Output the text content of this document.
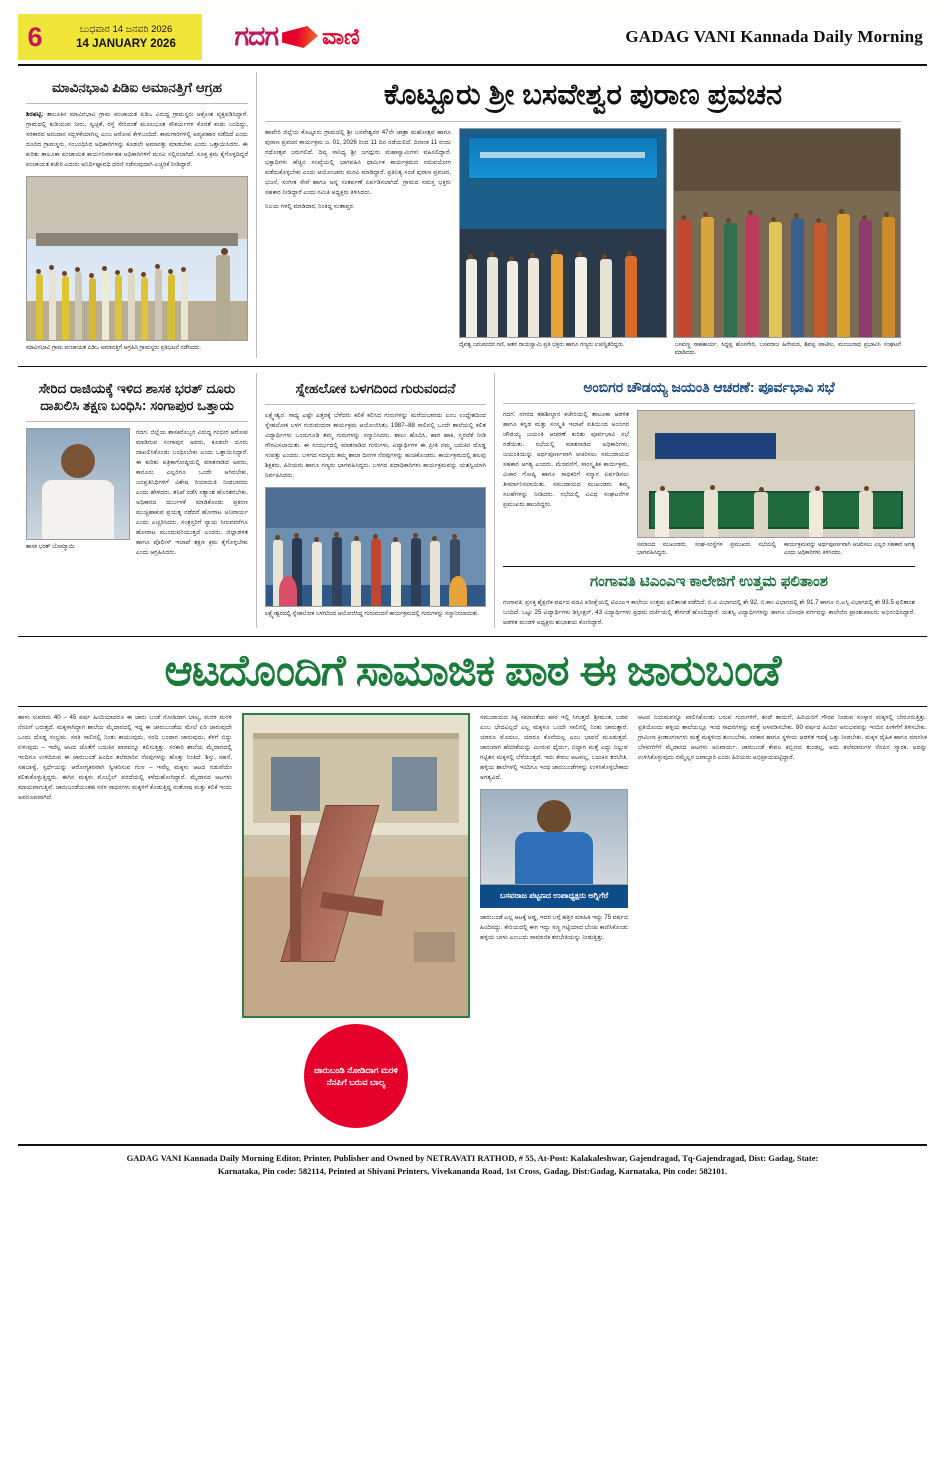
6	ಬುಧವಾರ 14 ಜನವರಿ 2026
14 JANUARY 2026 ಗದಗ ವಾಣಿ	GADAG VANI Kannada Daily Morning
ಮಾವಿನಭಾವಿ ಪಿಡಿಐ ಅಮಾನತ್ತಿಗೆ ಆಗ್ರಹ
ಶಿರಹಟ್ಟಿ: ತಾಲೂಕಿನ ಮಾವಿನಭಾವಿ ಗ್ರಾಮ ಪಂಚಾಯತ ಪಿಡಿಒ ವಿರುದ್ಧ ಗ್ರಾಮಸ್ಥರು ಆಕ್ರೋಶ ವ್ಯಕ್ತಪಡಿಸಿದ್ದಾರೆ. ಗ್ರಾಮದಲ್ಲಿ ಕುಡಿಯುವ ನೀರು, ಸ್ವಚ್ಛತೆ, ರಸ್ತೆ ಸೇರಿದಂತೆ ಮೂಲಭೂತ ಸೌಕರ್ಯಗಳ ಕೊರತೆ ಕಂಡು ಬಂದಿದ್ದು, ಸರಕಾರದ ಅನುದಾನ ಸದ್ಬಳಕೆಯಾಗಿಲ್ಲ ಎಂಬ ಆರೋಪ ಕೇಳಿಬಂದಿದೆ. ಕಾಮಗಾರಿಗಳಲ್ಲಿ ಅವ್ಯವಹಾರ ನಡೆದಿದೆ ಎಂದು ದೂರಿದ ಗ್ರಾಮಸ್ಥರು, ಸಂಬಂಧಿಸಿದ ಅಧಿಕಾರಿಗಳನ್ನು ಕೂಡಲೇ ಅಮಾನತ್ತು ಮಾಡಬೇಕು ಎಂದು ಒತ್ತಾಯಿಸಿದರು. ಈ ಕುರಿತು ತಾಲೂಕಾ ಪಂಚಾಯತ ಕಾರ್ಯನಿರ್ವಾಹಕ ಅಧಿಕಾರಿಗಳಿಗೆ ಮನವಿ ಸಲ್ಲಿಸಲಾಗಿದೆ. ಸೂಕ್ತ ಕ್ರಮ ಕೈಗೊಳ್ಳದಿದ್ದರೆ ಪಂಚಾಯತ ಕಚೇರಿ ಎದುರು ಅನಿರ್ದಿಷ್ಟಾವಧಿ ಧರಣಿ ನಡೆಸುವುದಾಗಿ ಎಚ್ಚರಿಕೆ ನೀಡಿದ್ದಾರೆ.
ಮಾವಿನಭಾವಿ ಗ್ರಾಮ ಪಂಚಾಯತ ಪಿಡಿಒ ಅಮಾನತ್ತಿಗೆ ಆಗ್ರಹಿಸಿ ಗ್ರಾಮಸ್ಥರು ಪ್ರತಿಭಟನೆ ನಡೆಸಿದರು.
ಕೊಟ್ಟೂರು ಶ್ರೀ ಬಸವೇಶ್ವರ ಪುರಾಣ ಪ್ರವಚನ
ಹಾವೇರಿ ಜಿಲ್ಲೆಯ ಕೊಟ್ಟೂರು ಗ್ರಾಮದಲ್ಲಿ ಶ್ರೀ ಬಸವೇಶ್ವರರ 47ನೇ ಜಾತ್ರಾ ಮಹೋತ್ಸವ ಹಾಗೂ ಪುರಾಣ ಪ್ರವಚನ ಕಾರ್ಯಕ್ರಮ ಜ. 01, 2026 ರಿಂದ 11 ದಿನ ನಡೆಯಲಿದೆ. ದಿನಾಂಕ 11 ರಂದು ರಥೋತ್ಸವ ಜರುಗಲಿದೆ. ದಿವ್ಯ ಸಾನಿಧ್ಯ ಶ್ರೀ ಜಗದ್ಗುರು ಮಹಾಸ್ವಾಮಿಗಳು ವಹಿಸಲಿದ್ದಾರೆ. ಭಕ್ತಾದಿಗಳು ಹೆಚ್ಚಿನ ಸಂಖ್ಯೆಯಲ್ಲಿ ಭಾಗವಹಿಸಿ ಧಾರ್ಮಿಕ ಕಾರ್ಯಕ್ರಮದ ಸದುಪಯೋಗ ಪಡೆದುಕೊಳ್ಳಬೇಕು ಎಂದು ಆಯೋಜಕರು ಮನವಿ ಮಾಡಿದ್ದಾರೆ. ಪ್ರತಿನಿತ್ಯ ಸಂಜೆ ಪುರಾಣ ಪ್ರವಚನ, ಭಜನೆ, ಸಂಗೀತ ಸೇವೆ ಹಾಗೂ ಅನ್ನ ಸಂತರ್ಪಣೆ ಏರ್ಪಡಿಸಲಾಗಿದೆ. ಗ್ರಾಮದ ಸಮಸ್ತ ಭಕ್ತರು ಸಹಕಾರ ನೀಡಿದ್ದಾರೆ ಎಂದು ಸಮಿತಿ ಅಧ್ಯಕ್ಷರು ತಿಳಿಸಿದರು.
ನಿಲಯ ಗಳಲ್ಲಿ ಮಾಡಿದಾರ, ನಿಂತಿದ್ದ ಸಂತಾಪ್ತರ.
ದೈವತ್ವ ಜರುವಂದರ ಗಣಿ, ಆತನ ರಾಯಸ್ವಾಮಿ ಪ್ರತಿ ಭಕ್ತರು ಹಾಗೂ ಗಣ್ಯರು ಉಪಸ್ಥಿತರಿದ್ದರು.	ಬಸವಣ್ಣ ಸಾಹಕಾರ್ಯ, ಸಿದ್ದಪ್ಪ ಹೊಸಗೇರಿ, ಬಸವರಾಜ ಹಿರೇಮಠ, ಶಿವಪ್ಪ ಪಾಟೀಲ, ಮಂಜುನಾಥ ಪ್ರಭಾವಿಸಿ ಸಂಘಟನೆ ಮಾಡಿದರು.
ಸೇರಿದ ರಾಜಿಯಕ್ಕೆ ಇಳಿದ ಶಾಸಕ ಭರತ್ ದೂರು ದಾಖಲಿಸಿ ತಕ್ಷಣ ಬಂಧಿಸಿ: ಸಂಗಾಪುರ ಒತ್ತಾಯ
ಶಾಸಕ ಭರತ್ ಬೊಮ್ಮಾಯಿ
ಗದಗ: ಜಿಲ್ಲೆಯ ಶಾಸಕರೊಬ್ಬರ ವಿರುದ್ಧ ಗಂಭೀರ ಆರೋಪ ಮಾಡಿರುವ ಸಂಗಾಪುರ ಅವರು, ಕೂಡಲೇ ದೂರು ದಾಖಲಿಸಿಕೊಂಡು ಬಂಧಿಸಬೇಕು ಎಂದು ಒತ್ತಾಯಿಸಿದ್ದಾರೆ. ಈ ಕುರಿತು ಪತ್ರಿಕಾಗೋಷ್ಠಿಯಲ್ಲಿ ಮಾತನಾಡಿದ ಅವರು, ಕಾನೂನು ಎಲ್ಲರಿಗೂ ಒಂದೇ ಆಗಿರಬೇಕು, ಜನಪ್ರತಿನಿಧಿಗಳಿಗೆ ವಿಶೇಷ ರಿಯಾಯಿತಿ ನೀಡಬಾರದು ಎಂದು ಹೇಳಿದರು. ತನಿಖೆ ನಡೆಸಿ ಸತ್ಯಾಂಶ ಹೊರತರಬೇಕು, ಅಧಿಕಾರದ ದುರ್ಬಳಕೆ ಮಾಡಿಕೊಂಡು ಪ್ರಕರಣ ಮುಚ್ಚಿಹಾಕುವ ಪ್ರಯತ್ನ ನಡೆದರೆ ಹೋರಾಟ ಅನಿವಾರ್ಯ ಎಂದು ಎಚ್ಚರಿಸಿದರು. ಸಂತ್ರಸ್ತರಿಗೆ ನ್ಯಾಯ ಸಿಗುವವರೆಗೂ ಹೋರಾಟ ಮುಂದುವರಿಯುತ್ತದೆ ಎಂದರು. ಜಿಲ್ಲಾಡಳಿತ ಹಾಗೂ ಪೊಲೀಸ್ ಇಲಾಖೆ ತಕ್ಷಣ ಕ್ರಮ ಕೈಗೊಳ್ಳಬೇಕು ಎಂದು ಆಗ್ರಹಿಸಿದರು.
ಸ್ನೇಹಲೋಕ ಬಳಗದಿಂದ ಗುರುವಂದನೆ
ಲಕ್ಷ್ಮೇಶ್ವರ: ಸಾಧ್ಯ ಎಷ್ಟೇ ಎತ್ತರಕ್ಕೆ ಬೆಳೆದರು ಕಲಿಕೆ ಕಲಿಸಿದ ಗುರುಗಳನ್ನು ಮರೆಯಬಾರದು ಎಂಬ ಉದ್ದೇಶದಿಂದ ಸ್ನೇಹಲೋಕ ಬಳಗ ಗುರುವಂದನಾ ಕಾರ್ಯಕ್ರಮ ಆಯೋಜಿಸಿತು. 1987–88 ಸಾಲಿನಲ್ಲಿ ಒಂದೇ ಶಾಲೆಯಲ್ಲಿ ಕಲಿತ ವಿದ್ಯಾರ್ಥಿಗಳು ಒಂದುಗೂಡಿ ತಮ್ಮ ಗುರುಗಳನ್ನು ಸನ್ಮಾನಿಸಿದರು. ಶಾಲು ಹೊದಿಸಿ, ಹಾರ ಹಾಕಿ, ಸ್ಮರಣಿಕೆ ನೀಡಿ ಗೌರವಿಸಲಾಯಿತು. ಈ ಸಂದರ್ಭದಲ್ಲಿ ಮಾತನಾಡಿದ ಗುರುಗಳು, ವಿದ್ಯಾರ್ಥಿಗಳ ಈ ಪ್ರೀತಿ ನಮ್ಮ ಬದುಕಿನ ದೊಡ್ಡ ಸಂಪತ್ತು ಎಂದರು. ಬಳಗದ ಸದಸ್ಯರು ತಮ್ಮ ಶಾಲಾ ದಿನಗಳ ನೆನಪುಗಳನ್ನು ಹಂಚಿಕೊಂಡರು. ಕಾರ್ಯಕ್ರಮದಲ್ಲಿ ಹಲವು ಶಿಕ್ಷಕರು, ಹಿರಿಯರು ಹಾಗೂ ಗಣ್ಯರು ಭಾಗವಹಿಸಿದ್ದರು. ಬಳಗದ ಪದಾಧಿಕಾರಿಗಳು ಕಾರ್ಯಕ್ರಮವನ್ನು ಯಶಸ್ವಿಯಾಗಿ ನಿರ್ವಹಿಸಿದರು.
ಲಕ್ಷ್ಮೇಶ್ವರದಲ್ಲಿ ಸ್ನೇಹಲೋಕ ಬಳಗದಿಂದ ಆಯೋಜಿಸಿದ್ದ ಗುರುವಂದನೆ ಕಾರ್ಯಕ್ರಮದಲ್ಲಿ ಗುರುಗಳನ್ನು ಸನ್ಮಾನಿಸಲಾಯಿತು.
ಅಂಬಿಗರ ಚೌಡಯ್ಯ ಜಯಂತಿ ಆಚರಣೆ: ಪೂರ್ವಭಾವಿ ಸಭೆ
ಗದಗ: ನಗರದ ತಹಶೀಲ್ದಾರ ಕಚೇರಿಯಲ್ಲಿ ತಾಲೂಕಾ ಆಡಳಿತ ಹಾಗೂ ಕನ್ನಡ ಮತ್ತು ಸಂಸ್ಕೃತಿ ಇಲಾಖೆ ವತಿಯಿಂದ ಅಂಬಿಗರ ಚೌಡಯ್ಯ ಜಯಂತಿ ಆಚರಣೆ ಕುರಿತು ಪೂರ್ವಭಾವಿ ಸಭೆ ನಡೆಯಿತು. ಸಭೆಯಲ್ಲಿ ಮಾತನಾಡಿದ ಅಧಿಕಾರಿಗಳು, ಜಯಂತಿಯನ್ನು ಅರ್ಥಪೂರ್ಣವಾಗಿ ಆಚರಿಸಲು ಸಮುದಾಯದ ಸಹಕಾರ ಅಗತ್ಯ ಎಂದರು. ಮೆರವಣಿಗೆ, ಸಾಂಸ್ಕೃತಿಕ ಕಾರ್ಯಕ್ರಮ, ವಿಚಾರ ಗೋಷ್ಠಿ ಹಾಗೂ ಸಾಧಕರಿಗೆ ಸನ್ಮಾನ ಏರ್ಪಡಿಸಲು ತೀರ್ಮಾನಿಸಲಾಯಿತು. ಸಮುದಾಯದ ಮುಖಂಡರು ತಮ್ಮ ಸಲಹೆಗಳನ್ನು ನೀಡಿದರು. ಸಭೆಯಲ್ಲಿ ವಿವಿಧ ಸಂಘಟನೆಗಳ ಪ್ರಮುಖರು ಹಾಜರಿದ್ದರು.
ಸಮಾಜದ ಮುಖಂಡರು, ಸಂಘ-ಸಂಸ್ಥೆಗಳ ಪ್ರಮುಖರು ಸಭೆಯಲ್ಲಿ ಭಾಗವಹಿಸಿದ್ದರು.
ಕಾರ್ಯಕ್ರಮವನ್ನು ಅರ್ಥಪೂರ್ಣವಾಗಿ ಆಚರಿಸಲು ಎಲ್ಲರ ಸಹಕಾರ ಅಗತ್ಯ ಎಂದು ಅಧಿಕಾರಿಗಳು ತಿಳಿಸಿದರು.
ಗಂಗಾವತಿ ಟಿಎಂಎಇ ಕಾಲೇಜಿಗೆ ಉತ್ತಮ ಫಲಿತಾಂಶ
ಗಂಗಾವತಿ: ಪ್ರಸಕ್ತ ಶೈಕ್ಷಣಿಕ ವರ್ಷದ ಪದವಿ ಪರೀಕ್ಷೆಯಲ್ಲಿ ಟಿಎಂಎಇ ಕಾಲೇಜು ಉತ್ತಮ ಫಲಿತಾಂಶ ಪಡೆದಿದೆ. ಬಿ.ಎ ವಿಭಾಗದಲ್ಲಿ ಶೇ 92, ಬಿ.ಕಾಂ ವಿಭಾಗದಲ್ಲಿ ಶೇ 91.7 ಹಾಗೂ ಬಿ.ಎಸ್ಸಿ ವಿಭಾಗದಲ್ಲಿ ಶೇ 93.5 ಫಲಿತಾಂಶ ಬಂದಿದೆ. ಒಟ್ಟು 25 ವಿದ್ಯಾರ್ಥಿಗಳು ಡಿಸ್ಟಿಂಕ್ಷನ್, 43 ವಿದ್ಯಾರ್ಥಿಗಳು ಪ್ರಥಮ ದರ್ಜೆಯಲ್ಲಿ ತೇರ್ಗಡೆ ಹೊಂದಿದ್ದಾರೆ. ಯಶಸ್ವಿ ವಿದ್ಯಾರ್ಥಿಗಳನ್ನು ಹಾಗೂ ಬೋಧಕ ವರ್ಗವನ್ನು ಕಾಲೇಜಿನ ಪ್ರಾಂಶುಪಾಲರು ಅಭಿನಂದಿಸಿದ್ದಾರೆ. ಆಡಳಿತ ಮಂಡಳಿ ಅಧ್ಯಕ್ಷರು ಶುಭಾಶಯ ಕೋರಿದ್ದಾರೆ.
ಆಟದೊಂದಿಗೆ ಸಾಮಾಜಿಕ ಪಾಠ ಈ ಜಾರುಬಂಡೆ
ಹಾಳು ಸುಮಾರು 40 – 45 ವರ್ಷ ಹಿಂದಿಯಾದರೂ ಈ ಜಾರು ಬಂಡೆ ನೋಡಿದಾಗ ಬಾಲ್ಯ, ಮರಳಿ ಮರಳಿ ನೆನಪಿಗೆ ಬರುತ್ತದೆ. ಮಕ್ಕಳಾಗಿದ್ದಾಗ ಶಾಲೆಯ ಮೈದಾನದಲ್ಲಿ ಇದ್ದ ಈ ಜಾರುಬಂಡೆಯ ಮೇಲೆ ಏರಿ ಜಾರುವುದೇ ಒಂದು ದೊಡ್ಡ ಸಂಭ್ರಮ. ಸರತಿ ಸಾಲಿನಲ್ಲಿ ನಿಂತು ಕಾಯುವುದು, ಸರದಿ ಬಂದಾಗ ಜಾರುವುದು, ಕೆಳಗೆ ಬಿದ್ದು ಏಳುವುದು – ಇದೆಲ್ಲ ಆಟದ ಜೊತೆಗೆ ಬದುಕಿನ ಪಾಠವನ್ನೂ ಕಲಿಸುತ್ತಿತ್ತು. ಸರಕಾರಿ ಶಾಲೆಯ ಮೈದಾನದಲ್ಲಿ ಇಂದಿಗೂ ಉಳಿದಿರುವ ಈ ಜಾರುಬಂಡೆ ಹಿಂದಿನ ತಲೆಮಾರಿನ ನೆನಪುಗಳನ್ನು ಹೊತ್ತು ನಿಂತಿದೆ. ಶಿಸ್ತು, ಸಹನೆ, ಸಹಬಾಳ್ವೆ, ಸ್ಪರ್ಧೆಯನ್ನು ಆರೋಗ್ಯಕರವಾಗಿ ಸ್ವೀಕರಿಸುವ ಗುಣ – ಇವೆಲ್ಲ ಮಕ್ಕಳು ಆಟದ ನಡುವೆಯೇ ಕಲಿತುಕೊಳ್ಳುತ್ತಿದ್ದರು. ಈಗಿನ ಮಕ್ಕಳು ಮೊಬೈಲ್ ಪರದೆಯಲ್ಲಿ ಕಳೆದುಹೋಗಿದ್ದಾರೆ. ಮೈದಾನದ ಆಟಗಳು ಮಾಯವಾಗುತ್ತಿವೆ. ಜಾರುಬಂಡೆಯಂತಹ ಸರಳ ಸಾಧನಗಳು ಮಕ್ಕಳಿಗೆ ಕೊಡುತ್ತಿದ್ದ ಸಂತೋಷ ಮತ್ತು ಕಲಿಕೆ ಇಂದು ಅಪರೂಪವಾಗಿದೆ.
ಜಾರುಬಂಡಿ ನೋಡಿದಾಗ ಮರಳಿ ನೆನಪಿಗೆ ಬರುವ ಬಾಲ್ಯ
ಸಮುದಾಯದ ಸಿಕ್ಕ ಸಮಾನತೆಯ ಪಾಠ ಇಲ್ಲಿ ಸಿಗುತ್ತದೆ. ಶ್ರೀಮಂತ, ಬಡವ ಎಂಬ ಭೇದವಿಲ್ಲದೆ ಎಲ್ಲ ಮಕ್ಕಳೂ ಒಂದೇ ಸಾಲಿನಲ್ಲಿ ನಿಂತು ಜಾರುತ್ತಾರೆ. ಯಾರೂ ಮೊದಲು, ಯಾರೂ ಕೊನೆಯಲ್ಲ ಎಂಬ ಭಾವನೆ ಮೂಡುತ್ತದೆ. ಜಾರುವಾಗ ಹೆದರಿಕೆಯನ್ನು ಮೀರುವ ಧೈರ್ಯ, ಬಿದ್ದಾಗ ಮತ್ತೆ ಎದ್ದು ನಿಲ್ಲುವ ಗಟ್ಟಿತನ ಮಕ್ಕಳಲ್ಲಿ ಬೆಳೆಯುತ್ತದೆ. ಇದು ಕೇವಲ ಆಟವಲ್ಲ, ಬದುಕಿನ ತರಬೇತಿ. ಹಳ್ಳಿಯ ಶಾಲೆಗಳಲ್ಲಿ ಇಂದಿಗೂ ಇಂಥ ಜಾರುಬಂಡೆಗಳನ್ನು ಉಳಿಸಿಕೊಳ್ಳಬೇಕಾದ ಅಗತ್ಯವಿದೆ.
ಬಸವರಾಜ ಪಟ್ಟಣದ ಉಪಾಧ್ಯಕ್ಷರು ಅಗ್ನಿಗೆರೆ
ಜಾರುಬಂಡೆ ಎಲ್ಲ ಆಟಕ್ಕೆ ಅಡ್ಡ, ಇದರ ಬಗ್ಗೆ ಹತ್ತಿರ ಮಾಹಿತಿ ಇದ್ದು 75 ವರ್ಷದ ಹಿಂದಿನದ್ದು. ಕೇರಿಯದಲ್ಲಿ ಈಗ ಇದ್ದು ಸಣ್ಣ ಗಟ್ಟಿಯಾದ ಬೆಂಚು ಕಾಣಿಸಿಕೊಂಡು ಹಳ್ಳಿಯ ಬಾಳು ಎಂಬುದು ಸಾಮಾಜಿಕ ತರಬೇತಿಯನ್ನು ನೀಡುತ್ತಿತ್ತು.
ಆಟದ ನಿಯಮವನ್ನೂ ಪಾಲಿಸಿಕೊಂಡು ಬರುವ ಗುರುಗಳಿಗೆ, ತಂದೆ ತಾಯಿಗೆ, ಹಿರಿಯರಿಗೆ ಗೌರವ ನೀಡುವ ಸಂಸ್ಕಾರ ಮಕ್ಕಳಲ್ಲಿ ಬೇರೂರುತ್ತಿತ್ತು. ಪ್ರತಿಯೊಂದು ಹಳ್ಳಿಯ ಶಾಲೆಯಲ್ಲೂ ಇಂಥ ಸಾಧನಗಳನ್ನು ಮತ್ತೆ ಅಳವಡಿಸಬೇಕು. 80 ವರ್ಷದ ಹಿಂದಿನ ಅನುಭವವನ್ನು ಇಂದಿನ ಪೀಳಿಗೆಗೆ ತಿಳಿಸಬೇಕು. ಗ್ರಾಮೀಣ ಕ್ರೀಡಾಂಗಣಗಳು ಮತ್ತೆ ಮಕ್ಕಳಿಂದ ತುಂಬಬೇಕು. ಸರಕಾರ ಹಾಗೂ ಸ್ಥಳೀಯ ಆಡಳಿತ ಇದಕ್ಕೆ ಒತ್ತು ನೀಡಬೇಕು. ಮಕ್ಕಳ ದೈಹಿಕ ಹಾಗೂ ಮಾನಸಿಕ ಬೆಳವಣಿಗೆಗೆ ಮೈದಾನದ ಆಟಗಳು ಅನಿವಾರ್ಯ. ಜಾರುಬಂಡೆ ಕೇವಲ ಕಬ್ಬಿಣದ ತುಂಡಲ್ಲ, ಅದು ತಲೆಮಾರುಗಳ ನೆನಪಿನ ಸ್ಮಾರಕ. ಅದನ್ನು ಉಳಿಸಿಕೊಳ್ಳುವುದು ನಮ್ಮೆಲ್ಲರ ಜವಾಬ್ದಾರಿ ಎಂದು ಹಿರಿಯರು ಅಭಿಪ್ರಾಯಪಟ್ಟಿದ್ದಾರೆ.
GADAG VANI Kannada Daily Morning Editor, Printer, Publisher and Owned by NETRAVATI RATHOD, # 55, At-Post: Kalakaleshwar, Gajendragad, Tq-Gajendragad, Dist: Gadag, State:
Karnataka, Pin code: 582114, Printed at Shivani Printers, Vivekananda Road, 1st Cross, Gadag, Dist:Gadag, Karnataka, Pin code: 582101.
